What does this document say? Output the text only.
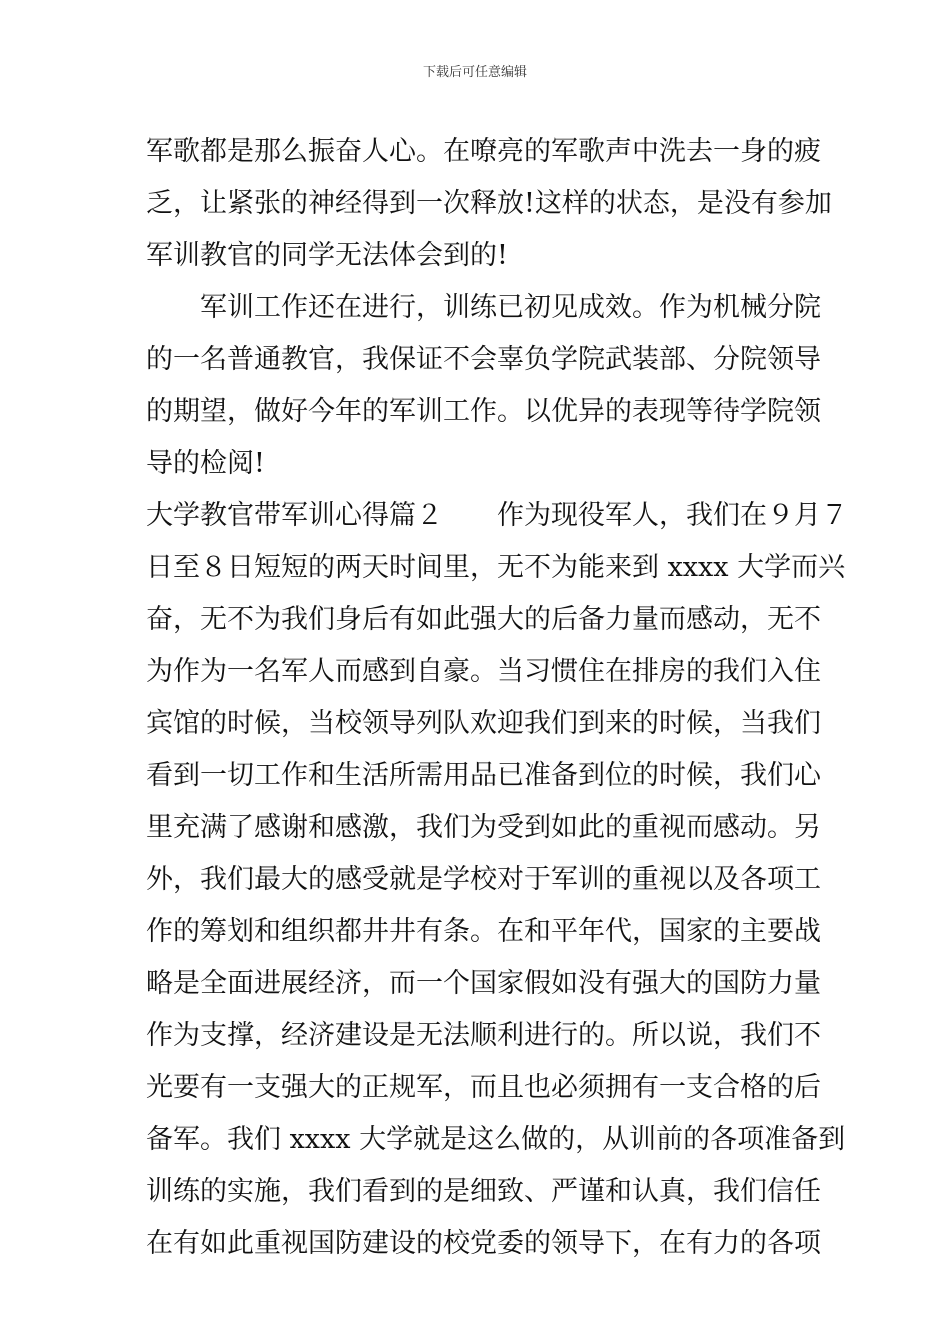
下载后可任意编辑
军歌都是那么振奋人心。在嘹亮的军歌声中洗去一身的疲
乏，让紧张的神经得到一次释放!这样的状态，是没有参加
军训教官的同学无法体会到的!
　　军训工作还在进行，训练已初见成效。作为机械分院
的一名普通教官，我保证不会辜负学院武装部、分院领导
的期望，做好今年的军训工作。以优异的表现等待学院领
导的检阅!
大学教官带军训心得篇２　　作为现役军人，我们在９月７
日至８日短短的两天时间里，无不为能来到 xxxx 大学而兴
奋，无不为我们身后有如此强大的后备力量而感动，无不
为作为一名军人而感到自豪。当习惯住在排房的我们入住
宾馆的时候，当校领导列队欢迎我们到来的时候，当我们
看到一切工作和生活所需用品已准备到位的时候，我们心
里充满了感谢和感激，我们为受到如此的重视而感动。另
外，我们最大的感受就是学校对于军训的重视以及各项工
作的筹划和组织都井井有条。在和平年代，国家的主要战
略是全面进展经济，而一个国家假如没有强大的国防力量
作为支撑，经济建设是无法顺利进行的。所以说，我们不
光要有一支强大的正规军，而且也必须拥有一支合格的后
备军。我们 xxxx 大学就是这么做的，从训前的各项准备到
训练的实施，我们看到的是细致、严谨和认真，我们信任
在有如此重视国防建设的校党委的领导下，在有力的各项
